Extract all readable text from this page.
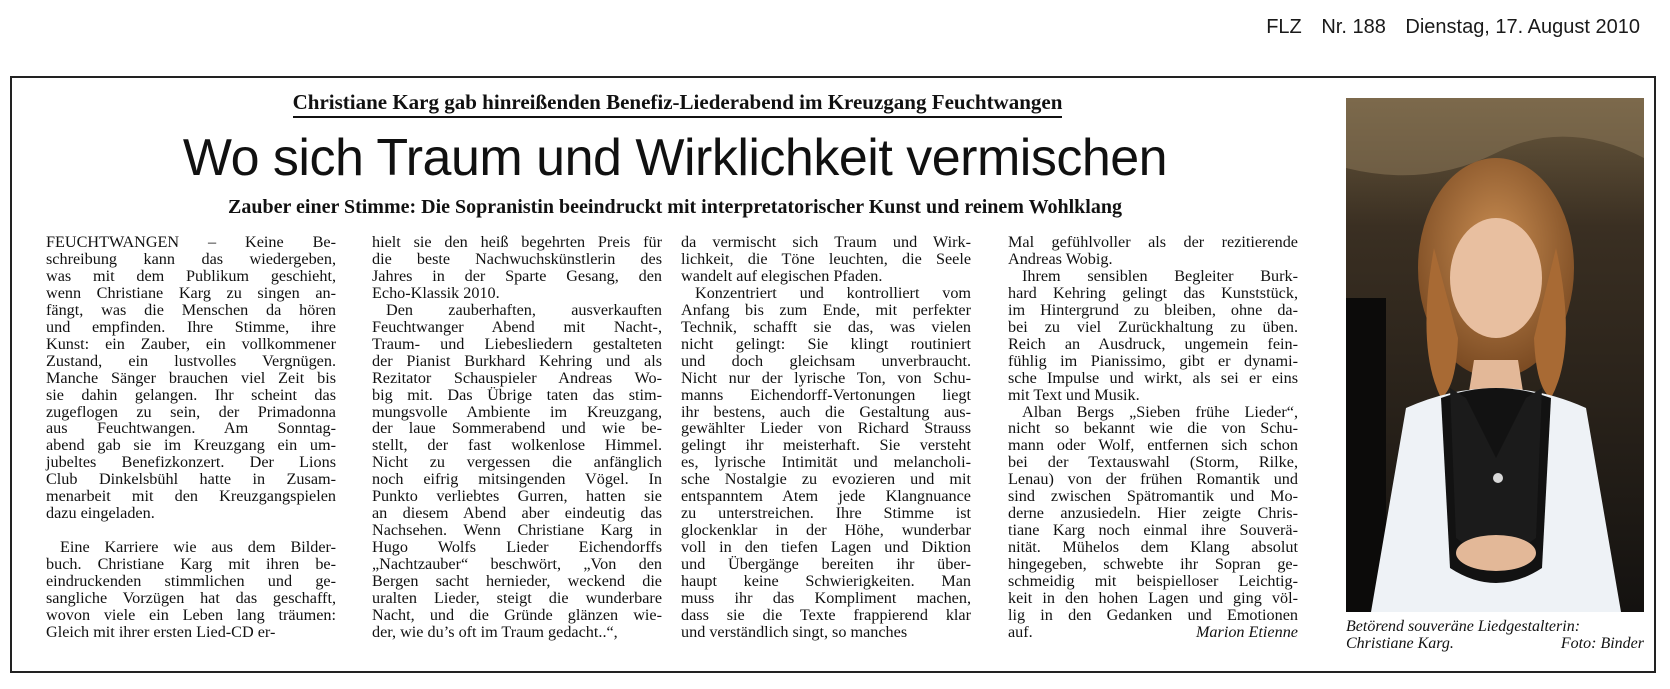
FLZ Nr. 188 Dienstag, 17. August 2010
Christiane Karg gab hinreißenden Benefiz-Liederabend im Kreuzgang Feuchtwangen
Wo sich Traum und Wirklichkeit vermischen
Zauber einer Stimme: Die Sopranistin beeindruckt mit interpretatorischer Kunst und reinem Wohlklang
FEUCHTWANGEN – Keine Be-
schreibung kann das wiedergeben,
was mit dem Publikum geschieht,
wenn Christiane Karg zu singen an-
fängt, was die Menschen da hören
und empfinden. Ihre Stimme, ihre
Kunst: ein Zauber, ein vollkommener
Zustand, ein lustvolles Vergnügen.
Manche Sänger brauchen viel Zeit bis
sie dahin gelangen. Ihr scheint das
zugeflogen zu sein, der Primadonna
aus Feuchtwangen. Am Sonntag-
abend gab sie im Kreuzgang ein um-
jubeltes Benefizkonzert. Der Lions
Club Dinkelsbühl hatte in Zusam-
menarbeit mit den Kreuzgangspielen
dazu eingeladen.
Eine Karriere wie aus dem Bilder-
buch. Christiane Karg mit ihren be-
eindruckenden stimmlichen und ge-
sangliche Vorzügen hat das geschafft,
wovon viele ein Leben lang träumen:
Gleich mit ihrer ersten Lied-CD er-
hielt sie den heiß begehrten Preis für
die beste Nachwuchskünstlerin des
Jahres in der Sparte Gesang, den
Echo-Klassik 2010.
Den zauberhaften, ausverkauften
Feuchtwanger Abend mit Nacht-,
Traum- und Liebesliedern gestalteten
der Pianist Burkhard Kehring und als
Rezitator Schauspieler Andreas Wo-
big mit. Das Übrige taten das stim-
mungsvolle Ambiente im Kreuzgang,
der laue Sommerabend und wie be-
stellt, der fast wolkenlose Himmel.
Nicht zu vergessen die anfänglich
noch eifrig mitsingenden Vögel. In
Punkto verliebtes Gurren, hatten sie
an diesem Abend aber eindeutig das
Nachsehen. Wenn Christiane Karg in
Hugo Wolfs Lieder Eichendorffs
„Nachtzauber“ beschwört, „Von den
Bergen sacht hernieder, weckend die
uralten Lieder, steigt die wunderbare
Nacht, und die Gründe glänzen wie-
der, wie du’s oft im Traum gedacht..“,
da vermischt sich Traum und Wirk-
lichkeit, die Töne leuchten, die Seele
wandelt auf elegischen Pfaden.
Konzentriert und kontrolliert vom
Anfang bis zum Ende, mit perfekter
Technik, schafft sie das, was vielen
nicht gelingt: Sie klingt routiniert
und doch gleichsam unverbraucht.
Nicht nur der lyrische Ton, von Schu-
manns Eichendorff-Vertonungen liegt
ihr bestens, auch die Gestaltung aus-
gewählter Lieder von Richard Strauss
gelingt ihr meisterhaft. Sie versteht
es, lyrische Intimität und melancholi-
sche Nostalgie zu evozieren und mit
entspanntem Atem jede Klangnuance
zu unterstreichen. Ihre Stimme ist
glockenklar in der Höhe, wunderbar
voll in den tiefen Lagen und Diktion
und Übergänge bereiten ihr über-
haupt keine Schwierigkeiten. Man
muss ihr das Kompliment machen,
dass sie die Texte frappierend klar
und verständlich singt, so manches
Mal gefühlvoller als der rezitierende
Andreas Wobig.
Ihrem sensiblen Begleiter Burk-
hard Kehring gelingt das Kunststück,
im Hintergrund zu bleiben, ohne da-
bei zu viel Zurückhaltung zu üben.
Reich an Ausdruck, ungemein fein-
fühlig im Pianissimo, gibt er dynami-
sche Impulse und wirkt, als sei er eins
mit Text und Musik.
Alban Bergs „Sieben frühe Lieder“,
nicht so bekannt wie die von Schu-
mann oder Wolf, entfernen sich schon
bei der Textauswahl (Storm, Rilke,
Lenau) von der frühen Romantik und
sind zwischen Spätromantik und Mo-
derne anzusiedeln. Hier zeigte Chris-
tiane Karg noch einmal ihre Souverä-
nität. Mühelos dem Klang absolut
hingegeben, schwebte ihr Sopran ge-
schmeidig mit beispielloser Leichtig-
keit in den hohen Lagen und ging völ-
lig in den Gedanken und Emotionen
auf.	Marion Etienne	Betörend souveräne Liedgestalterin:
Christiane Karg.	Foto: Binder
